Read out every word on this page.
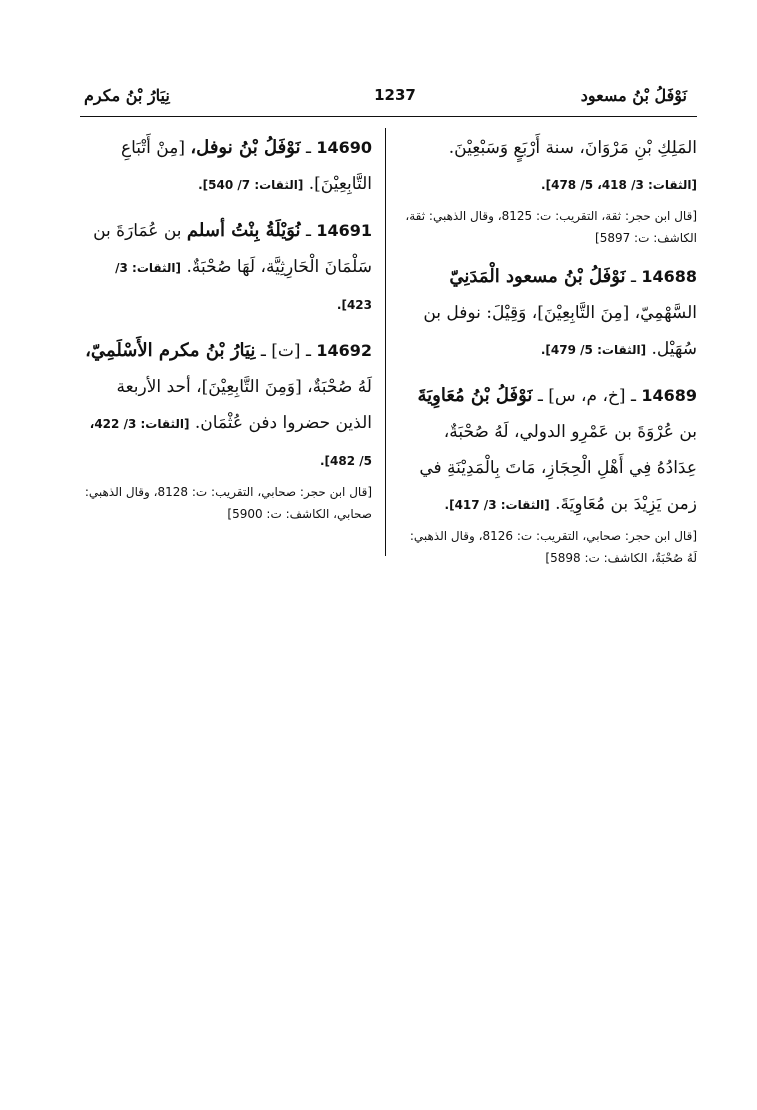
نَوْفَلُ بْنُ مسعود
1237
نِيَارُ بْنُ مكرم

المَلِكِ بْنِ مَرْوَانَ، سنة أَرْبَعٍ وَسَبْعِيْنَ. [الثقات: 3/ 418، 5/ 478].

[قال ابن حجر: ثقة، التقريب: ت: 8125، وقال الذهبي: ثقة، الكاشف: ت: 5897]

14688 ـ نَوْفَلُ بْنُ مسعود الْمَدَنِيّ السَّهْمِيّ، [مِنَ التَّابِعِيْنَ]، وَقِيْلَ: نوفل بن سُهَيْل. [الثقات: 5/ 479].

14689 ـ [خ، م، س] ـ نَوْفَلُ بْنُ مُعَاوِيَةَ بن عُرْوَةَ بن عَمْرِو الدولي، لَهُ صُحْبَةٌ، عِدَادُهُ فِي أَهْلِ الْحِجَازِ، مَاتَ بِالْمَدِيْنَةِ في زمن يَزِيْدَ بن مُعَاوِيَةَ. [الثقات: 3/ 417].

[قال ابن حجر: صحابي، التقريب: ت: 8126، وقال الذهبي: لَهُ صُحْبَةٌ، الكاشف: ت: 5898]

14690 ـ نَوْفَلُ بْنُ نوفل، [مِنْ أَتْبَاعِ التَّابِعِيْنَ]. [الثقات: 7/ 540].

14691 ـ نُوَيْلَةُ بِنْتُ أسلم بن عُمَارَةَ بن سَلْمَانَ الْحَارِثِيَّة، لَهَا صُحْبَةٌ. [الثقات: 3/ 423].

14692 ـ [ت] ـ نِيَارُ بْنُ مكرم الأَسْلَمِيّ، لَهُ صُحْبَةٌ، [وَمِنَ التَّابِعِيْنَ]، أحد الأربعة الذين حضروا دفن عُثْمَان. [الثقات: 3/ 422، 5/ 482].

[قال ابن حجر: صحابي، التقريب: ت: 8128، وقال الذهبي: صحابي، الكاشف: ت: 5900]
